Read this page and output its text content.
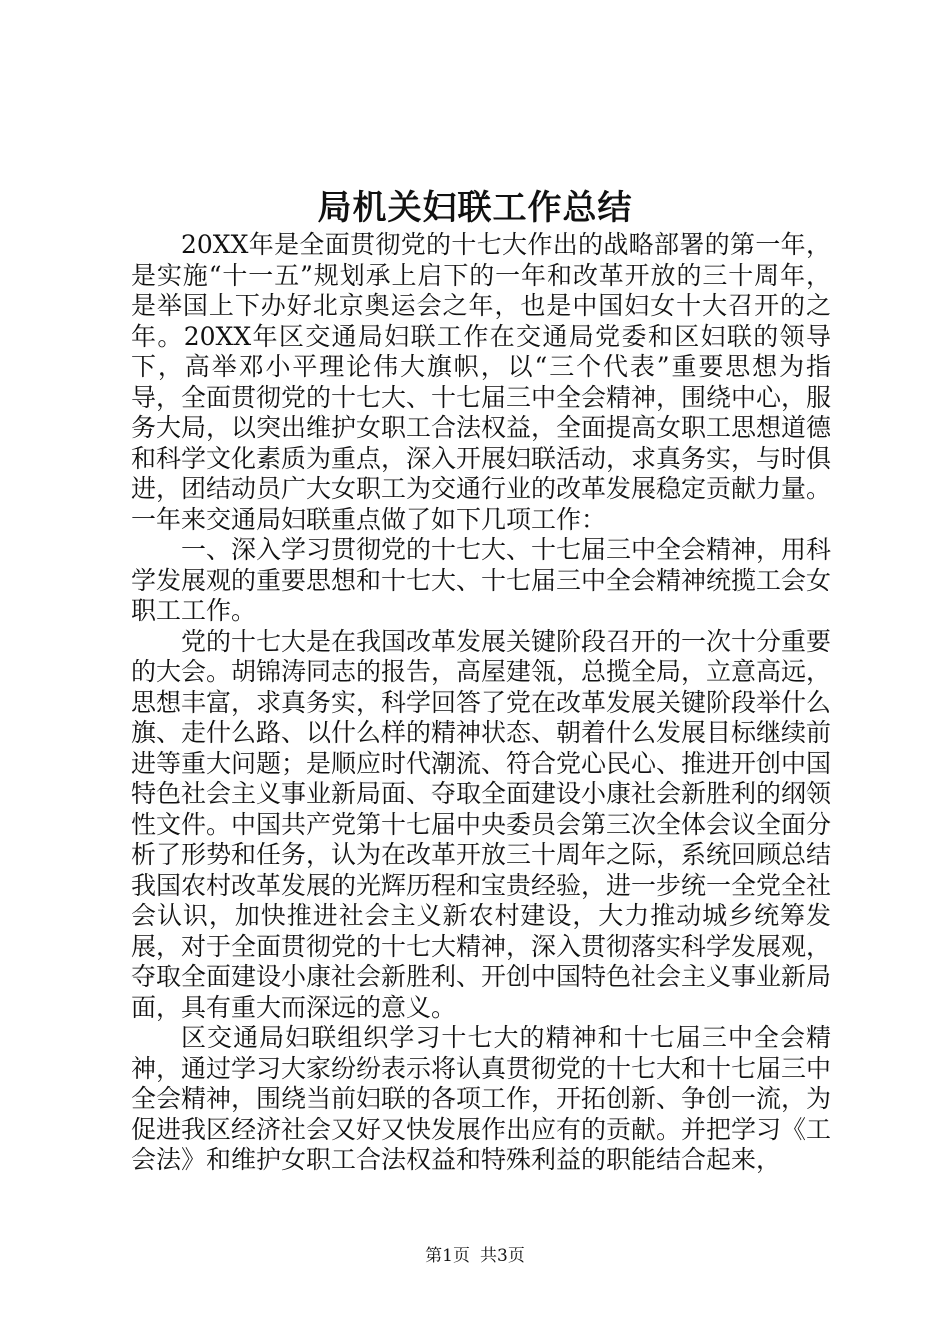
局机关妇联工作总结

20XX年是全面贯彻党的十七大作出的战略部署的第一年，是实施“十一五”规划承上启下的一年和改革开放的三十周年，是举国上下办好北京奥运会之年，也是中国妇女十大召开的之年。20XX年区交通局妇联工作在交通局党委和区妇联的领导下，高举邓小平理论伟大旗帜，以“三个代表”重要思想为指导，全面贯彻党的十七大、十七届三中全会精神，围绕中心，服务大局，以突出维护女职工合法权益，全面提高女职工思想道德和科学文化素质为重点，深入开展妇联活动，求真务实，与时俱进，团结动员广大女职工为交通行业的改革发展稳定贡献力量。一年来交通局妇联重点做了如下几项工作：

一、深入学习贯彻党的十七大、十七届三中全会精神，用科学发展观的重要思想和十七大、十七届三中全会精神统揽工会女职工工作。

党的十七大是在我国改革发展关键阶段召开的一次十分重要的大会。胡锦涛同志的报告，高屋建瓴，总揽全局，立意高远，思想丰富，求真务实，科学回答了党在改革发展关键阶段举什么旗、走什么路、以什么样的精神状态、朝着什么发展目标继续前进等重大问题；是顺应时代潮流、符合党心民心、推进开创中国特色社会主义事业新局面、夺取全面建设小康社会新胜利的纲领性文件。中国共产党第十七届中央委员会第三次全体会议全面分析了形势和任务，认为在改革开放三十周年之际，系统回顾总结我国农村改革发展的光辉历程和宝贵经验，进一步统一全党全社会认识，加快推进社会主义新农村建设，大力推动城乡统筹发展，对于全面贯彻党的十七大精神，深入贯彻落实科学发展观，夺取全面建设小康社会新胜利、开创中国特色社会主义事业新局面，具有重大而深远的意义。

区交通局妇联组织学习十七大的精神和十七届三中全会精神，通过学习大家纷纷表示将认真贯彻党的十七大和十七届三中全会精神，围绕当前妇联的各项工作，开拓创新、争创一流，为促进我区经济社会又好又快发展作出应有的贡献。并把学习《工会法》和维护女职工合法权益和特殊利益的职能结合起来，

第1页 共3页
